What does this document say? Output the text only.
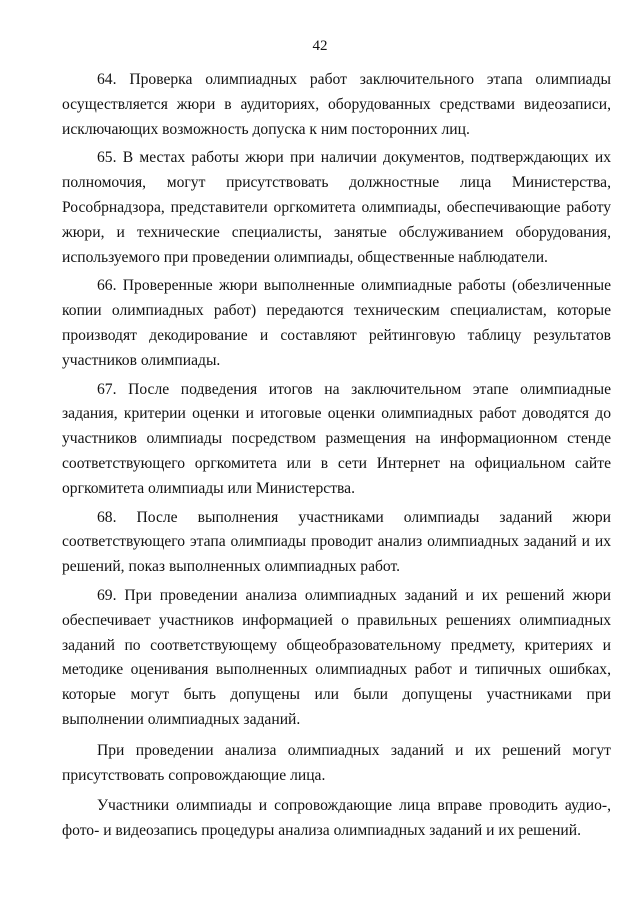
42

64. Проверка олимпиадных работ заключительного этапа олимпиады осуществляется жюри в аудиториях, оборудованных средствами видеозаписи, исключающих возможность допуска к ним посторонних лиц.

65. В местах работы жюри при наличии документов, подтверждающих их полномочия, могут присутствовать должностные лица Министерства, Рособрнадзора, представители оргкомитета олимпиады, обеспечивающие работу жюри, и технические специалисты, занятые обслуживанием оборудования, используемого при проведении олимпиады, общественные наблюдатели.

66. Проверенные жюри выполненные олимпиадные работы (обезличенные копии олимпиадных работ) передаются техническим специалистам, которые производят декодирование и составляют рейтинговую таблицу результатов участников олимпиады.

67. После подведения итогов на заключительном этапе олимпиадные задания, критерии оценки и итоговые оценки олимпиадных работ доводятся до участников олимпиады посредством размещения на информационном стенде соответствующего оргкомитета или в сети Интернет на официальном сайте оргкомитета олимпиады или Министерства.

68. После выполнения участниками олимпиады заданий жюри соответствующего этапа олимпиады проводит анализ олимпиадных заданий и их решений, показ выполненных олимпиадных работ.

69. При проведении анализа олимпиадных заданий и их решений жюри обеспечивает участников информацией о правильных решениях олимпиадных заданий по соответствующему общеобразовательному предмету, критериях и методике оценивания выполненных олимпиадных работ и типичных ошибках, которые могут быть допущены или были допущены участниками при выполнении олимпиадных заданий.

При проведении анализа олимпиадных заданий и их решений могут присутствовать сопровождающие лица.

Участники олимпиады и сопровождающие лица вправе проводить аудио-, фото- и видеозапись процедуры анализа олимпиадных заданий и их решений.
